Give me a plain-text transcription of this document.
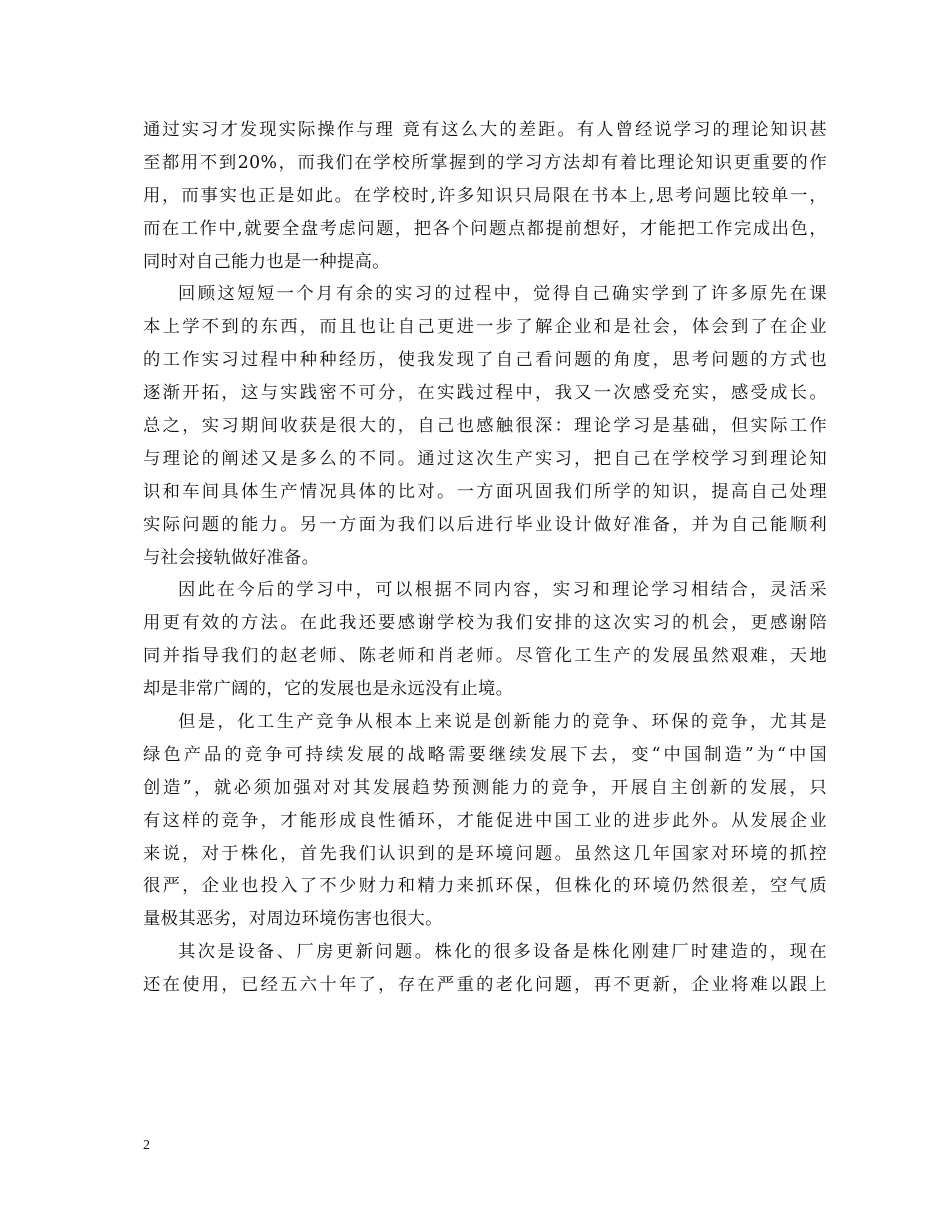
通过实习才发现实际操作与理 竟有这么大的差距。有人曾经说学习的理论知识甚
至都用不到20%，而我们在学校所掌握到的学习方法却有着比理论知识更重要的作
用，而事实也正是如此。在学校时,许多知识只局限在书本上,思考问题比较单一，
而在工作中,就要全盘考虑问题，把各个问题点都提前想好，才能把工作完成出色，
同时对自己能力也是一种提高。
回顾这短短一个月有余的实习的过程中，觉得自己确实学到了许多原先在课
本上学不到的东西，而且也让自己更进一步了解企业和是社会，体会到了在企业
的工作实习过程中种种经历，使我发现了自己看问题的角度，思考问题的方式也
逐渐开拓，这与实践密不可分，在实践过程中，我又一次感受充实，感受成长。
总之，实习期间收获是很大的，自己也感触很深：理论学习是基础，但实际工作
与理论的阐述又是多么的不同。通过这次生产实习，把自己在学校学习到理论知
识和车间具体生产情况具体的比对。一方面巩固我们所学的知识，提高自己处理
实际问题的能力。另一方面为我们以后进行毕业设计做好准备，并为自己能顺利
与社会接轨做好准备。
因此在今后的学习中，可以根据不同内容，实习和理论学习相结合，灵活采
用更有效的方法。在此我还要感谢学校为我们安排的这次实习的机会，更感谢陪
同并指导我们的赵老师、陈老师和肖老师。尽管化工生产的发展虽然艰难，天地
却是非常广阔的，它的发展也是永远没有止境。
但是，化工生产竞争从根本上来说是创新能力的竞争、环保的竞争，尤其是
绿色产品的竞争可持续发展的战略需要继续发展下去，变“中国制造”为“中国
创造”，就必须加强对对其发展趋势预测能力的竞争，开展自主创新的发展，只
有这样的竞争，才能形成良性循环，才能促进中国工业的进步此外。从发展企业
来说，对于株化，首先我们认识到的是环境问题。虽然这几年国家对环境的抓控
很严，企业也投入了不少财力和精力来抓环保，但株化的环境仍然很差，空气质
量极其恶劣，对周边环境伤害也很大。
其次是设备、厂房更新问题。株化的很多设备是株化刚建厂时建造的，现在
还在使用，已经五六十年了，存在严重的老化问题，再不更新，企业将难以跟上
2
